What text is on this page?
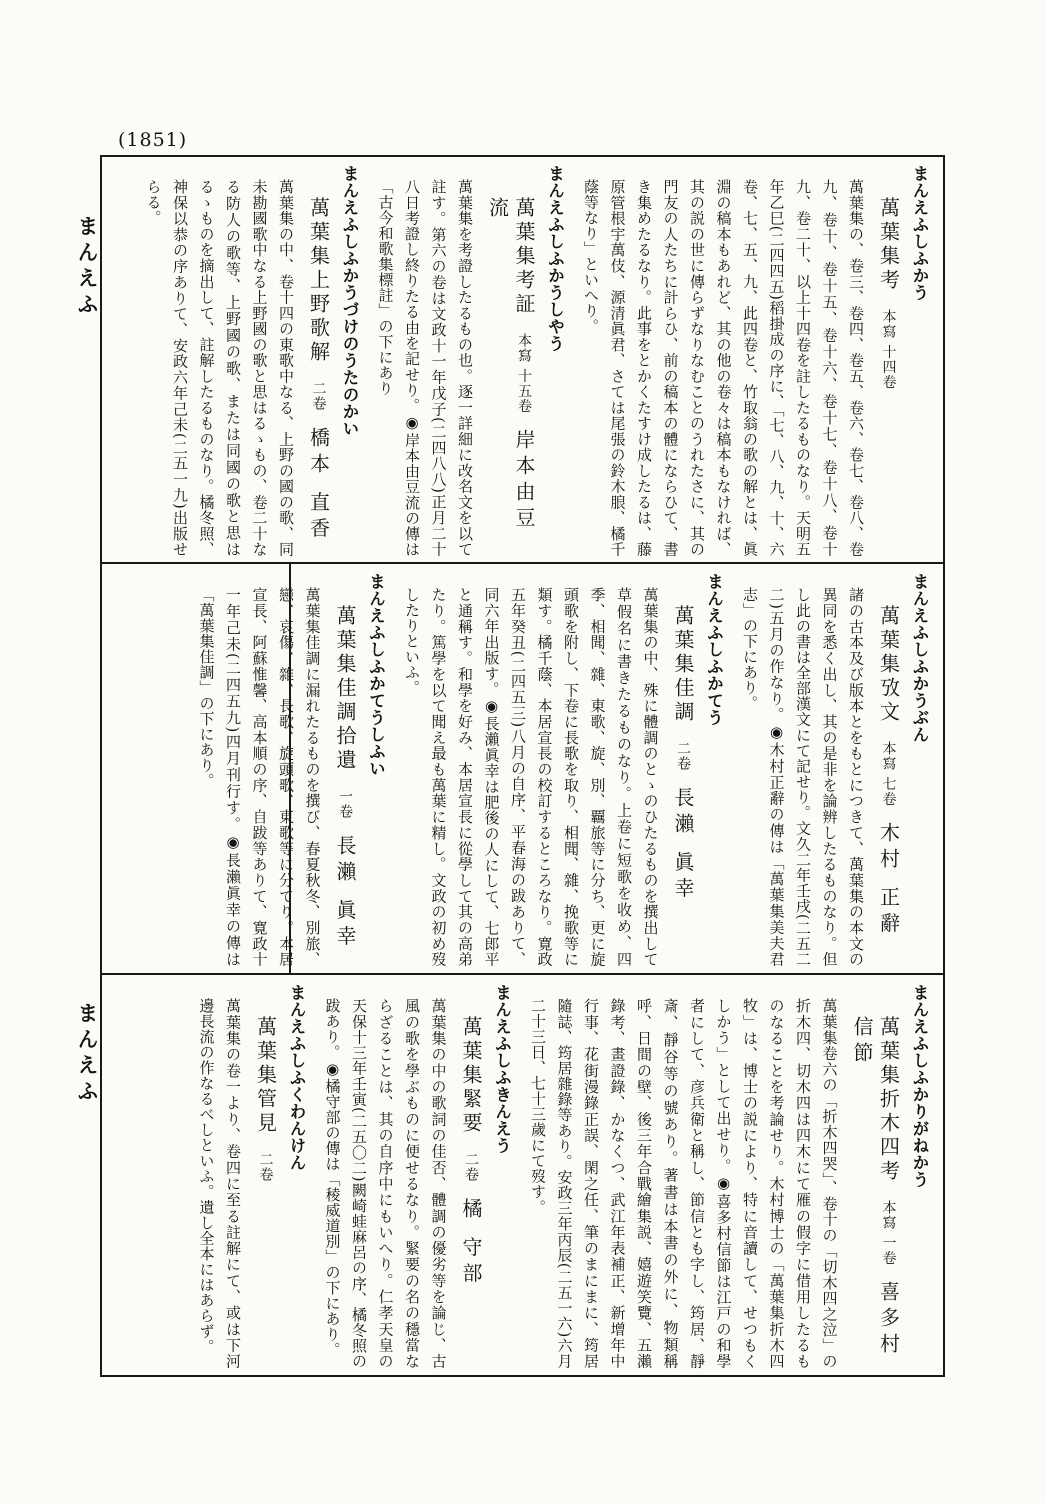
(1851)
まんえふ
まんえふ
まんえふしふかう
萬葉集考本寫 十四卷
萬葉集の、卷三、卷四、卷五、卷六、卷七、卷八、卷九、卷十、卷十五、卷十六、卷十七、卷十八、卷十九、卷二十、以上十四卷を註したるものなり。天明五年乙巳(二四四五)稻掛成の序に、「七、八、九、十、六卷、七、五、九、此四卷と、竹取翁の歌の解とは、眞淵の稿本もあれど、其の他の卷々は稿本もなければ、其の説の世に傳らずなりなむことのうれたさに、其の門友の人たちに計らひ、前の稿本の體にならひて、書き集めたるなり。此事をとかくたすけ成したるは、藤原管根宇萬伎、源清眞君、さては尾張の鈴木朖、橘千蔭等なり」といへり。
まんえふしふかうしやう
萬葉集考証本寫 十五卷岸本由豆流
萬葉集を考證したるもの也。逐一詳細に改名文を以て註す。第六の卷は文政十一年戊子(二四八八)正月二十八日考證し終りたる由を記せり。◉岸本由豆流の傳は「古今和歌集標註」の下にあり
まんえふしふかうづけのうたのかい
萬葉集上野歌解二卷橋本 直香
萬葉集の中、卷十四の東歌中なる、上野の國の歌、同未勘國歌中なる上野國の歌と思はるゝもの、卷二十なる防人の歌等、上野國の歌、または同國の歌と思はるゝものを摘出して、註解したるものなり。橘冬照、神保以恭の序ありて、安政六年己未(二五一九)出版せらる。
まんえふしふかうぶん
萬葉集攷文本寫 七卷木村 正辭
諸の古本及び版本とをもとにつきて、萬葉集の本文の異同を悉く出し、其の是非を論辨したるものなり。但し此の書は全部漢文にて記せり。文久二年壬戌(二五二二)五月の作なり。◉木村正辭の傳は「萬葉集美夫君志」の下にあり。
まんえふしふかてう
萬葉集佳調二卷長瀨 眞幸
萬葉集の中、殊に體調のとゝのひたるものを撰出して草假名に書きたるものなり。上卷に短歌を收め、四季、相聞、雜、東歌、旋、別、覊旅等に分ち、更に旋頭歌を附し、下卷に長歌を取り、相聞、雜、挽歌等に類す。橘千蔭、本居宣長の校訂するところなり。寛政五年癸丑(二四五三)八月の自序、平春海の跋ありて、同六年出版す。◉長瀨眞幸は肥後の人にして、七郎平と通稱す。和學を好み、本居宣長に從學して其の高弟たり。篤學を以て聞え最も萬葉に精し。文政の初め歿したりといふ。
まんえふしふかてうしふい
萬葉集佳調拾遺一卷長瀨 眞幸
萬葉集佳調に漏れたるものを撰び、春夏秋冬、別旅、戀、哀傷、雜、長歌、旋頭歌、東歌等に分てり。本居宣長、阿蘇惟馨、高本順の序、自跋等ありて、寛政十一年己未(二四五九)四月刊行す。◉長瀨眞幸の傳は「萬葉集佳調」の下にあり。
まんえふしふかりがねかう
萬葉集折木四考本寫 一卷喜多村信節
萬葉集卷六の「折木四哭」、卷十の「切木四之泣」の折木四、切木四は四木にて雁の假字に借用したるものなることを考論せり。木村博士の「萬葉集折木四牧」は、博士の説により、特に音讀して、せつもくしかう」として出せり。◉喜多村信節は江戸の和學者にして、彦兵衛と稱し、節信とも字し、筠居、靜斎、靜谷等の號あり。著書は本書の外に、物類稱呼、日間の壁、後三年合戰繪集説、嬉遊笑覽、五瀨錄考、畫證錄、かなくつ、武江年表補正、新增年中行事、花街漫錄正誤、閑之任、筆のまにまに、筠居隨誌、筠居雜錄等あり。安政三年丙辰(二五一六)六月二十三日、七十三歲にて歿す。
まんえふしふきんえう
萬葉集緊要二卷橘 守部
萬葉集の中の歌詞の佳否、體調の優劣等を論じ、古風の歌を學ぶものに便せるなり。緊要の名の穩當ならざることは、其の自序中にもいへり。仁孝天皇の天保十三年壬寅(二五〇二)闕崎蛙麻呂の序、橘冬照の跋あり。◉橘守部の傳は「稜威道別」の下にあり。
まんえふしふくわんけん
萬葉集管見二卷
萬葉集の卷一より、卷四に至る註解にて、或は下河邊長流の作なるべしといふ。遺し全本にはあらず。
